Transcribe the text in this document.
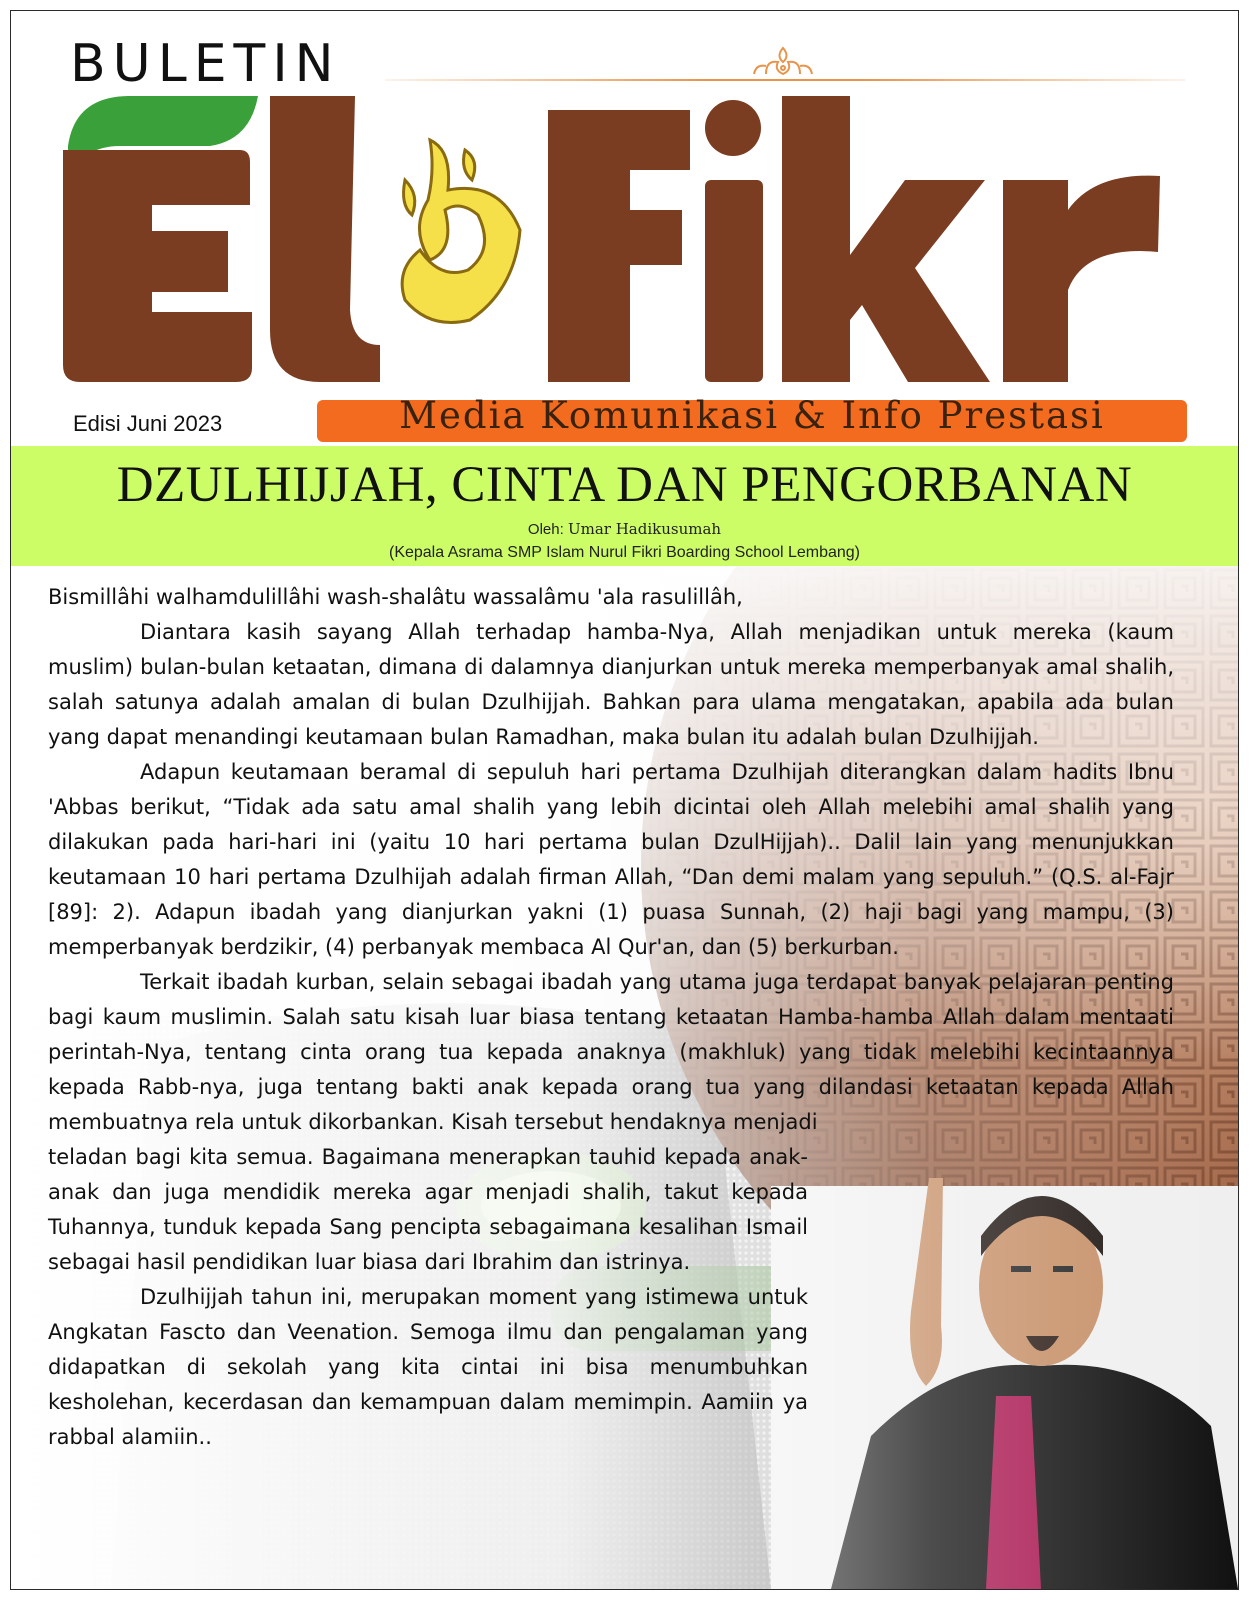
BULETIN
Edisi Juni 2023	Media Komunikasi & Info Prestasi
DZULHIJJAH, CINTA DAN PENGORBANAN
Oleh: Umar Hadikusumah
(Kepala Asrama SMP Islam Nurul Fikri Boarding School Lembang)

Bismillâhi walhamdulillâhi wash-shalâtu wassalâmu 'ala rasulillâh,

Diantara kasih sayang Allah terhadap hamba-Nya, Allah menjadikan untuk mereka (kaum muslim) bulan-bulan ketaatan, dimana di dalamnya dianjurkan untuk mereka memperbanyak amal shalih, salah satunya adalah amalan di bulan Dzulhijjah. Bahkan para ulama mengatakan, apabila ada bulan yang dapat menandingi keutamaan bulan Ramadhan, maka bulan itu adalah bulan Dzulhijjah.

Adapun keutamaan beramal di sepuluh hari pertama Dzulhijah diterangkan dalam hadits Ibnu 'Abbas berikut, “Tidak ada satu amal shalih yang lebih dicintai oleh Allah melebihi amal shalih yang dilakukan pada hari-hari ini (yaitu 10 hari pertama bulan DzulHijjah).. Dalil lain yang menunjukkan keutamaan 10 hari pertama Dzulhijah adalah firman Allah, “Dan demi malam yang sepuluh.” (Q.S. al-Fajr [89]: 2). Adapun ibadah yang dianjurkan yakni (1) puasa Sunnah, (2) haji bagi yang mampu, (3) memperbanyak berdzikir, (4) perbanyak membaca Al Qur'an, dan (5) berkurban.

Terkait ibadah kurban, selain sebagai ibadah yang utama juga terdapat banyak pelajaran penting bagi kaum muslimin. Salah satu kisah luar biasa tentang ketaatan Hamba-hamba Allah dalam mentaati perintah-Nya, tentang cinta orang tua kepada anaknya (makhluk) yang tidak melebihi kecintaannya kepada Rabb-nya, juga tentang bakti anak kepada orang tua yang dilandasi ketaatan kepada Allah membuatnya rela untuk dikorbankan. Kisah tersebut hendaknya menjadi

teladan bagi kita semua. Bagaimana menerapkan tauhid kepada anak-anak dan juga mendidik mereka agar menjadi shalih, takut kepada Tuhannya, tunduk kepada Sang pencipta sebagaimana kesalihan Ismail sebagai hasil pendidikan luar biasa dari Ibrahim dan istrinya.

Dzulhijjah tahun ini, merupakan moment yang istimewa untuk Angkatan Fascto dan Veenation. Semoga ilmu dan pengalaman yang didapatkan di sekolah yang kita cintai ini bisa menumbuhkan kesholehan, kecerdasan dan kemampuan dalam memimpin. Aamiin ya rabbal alamiin..
